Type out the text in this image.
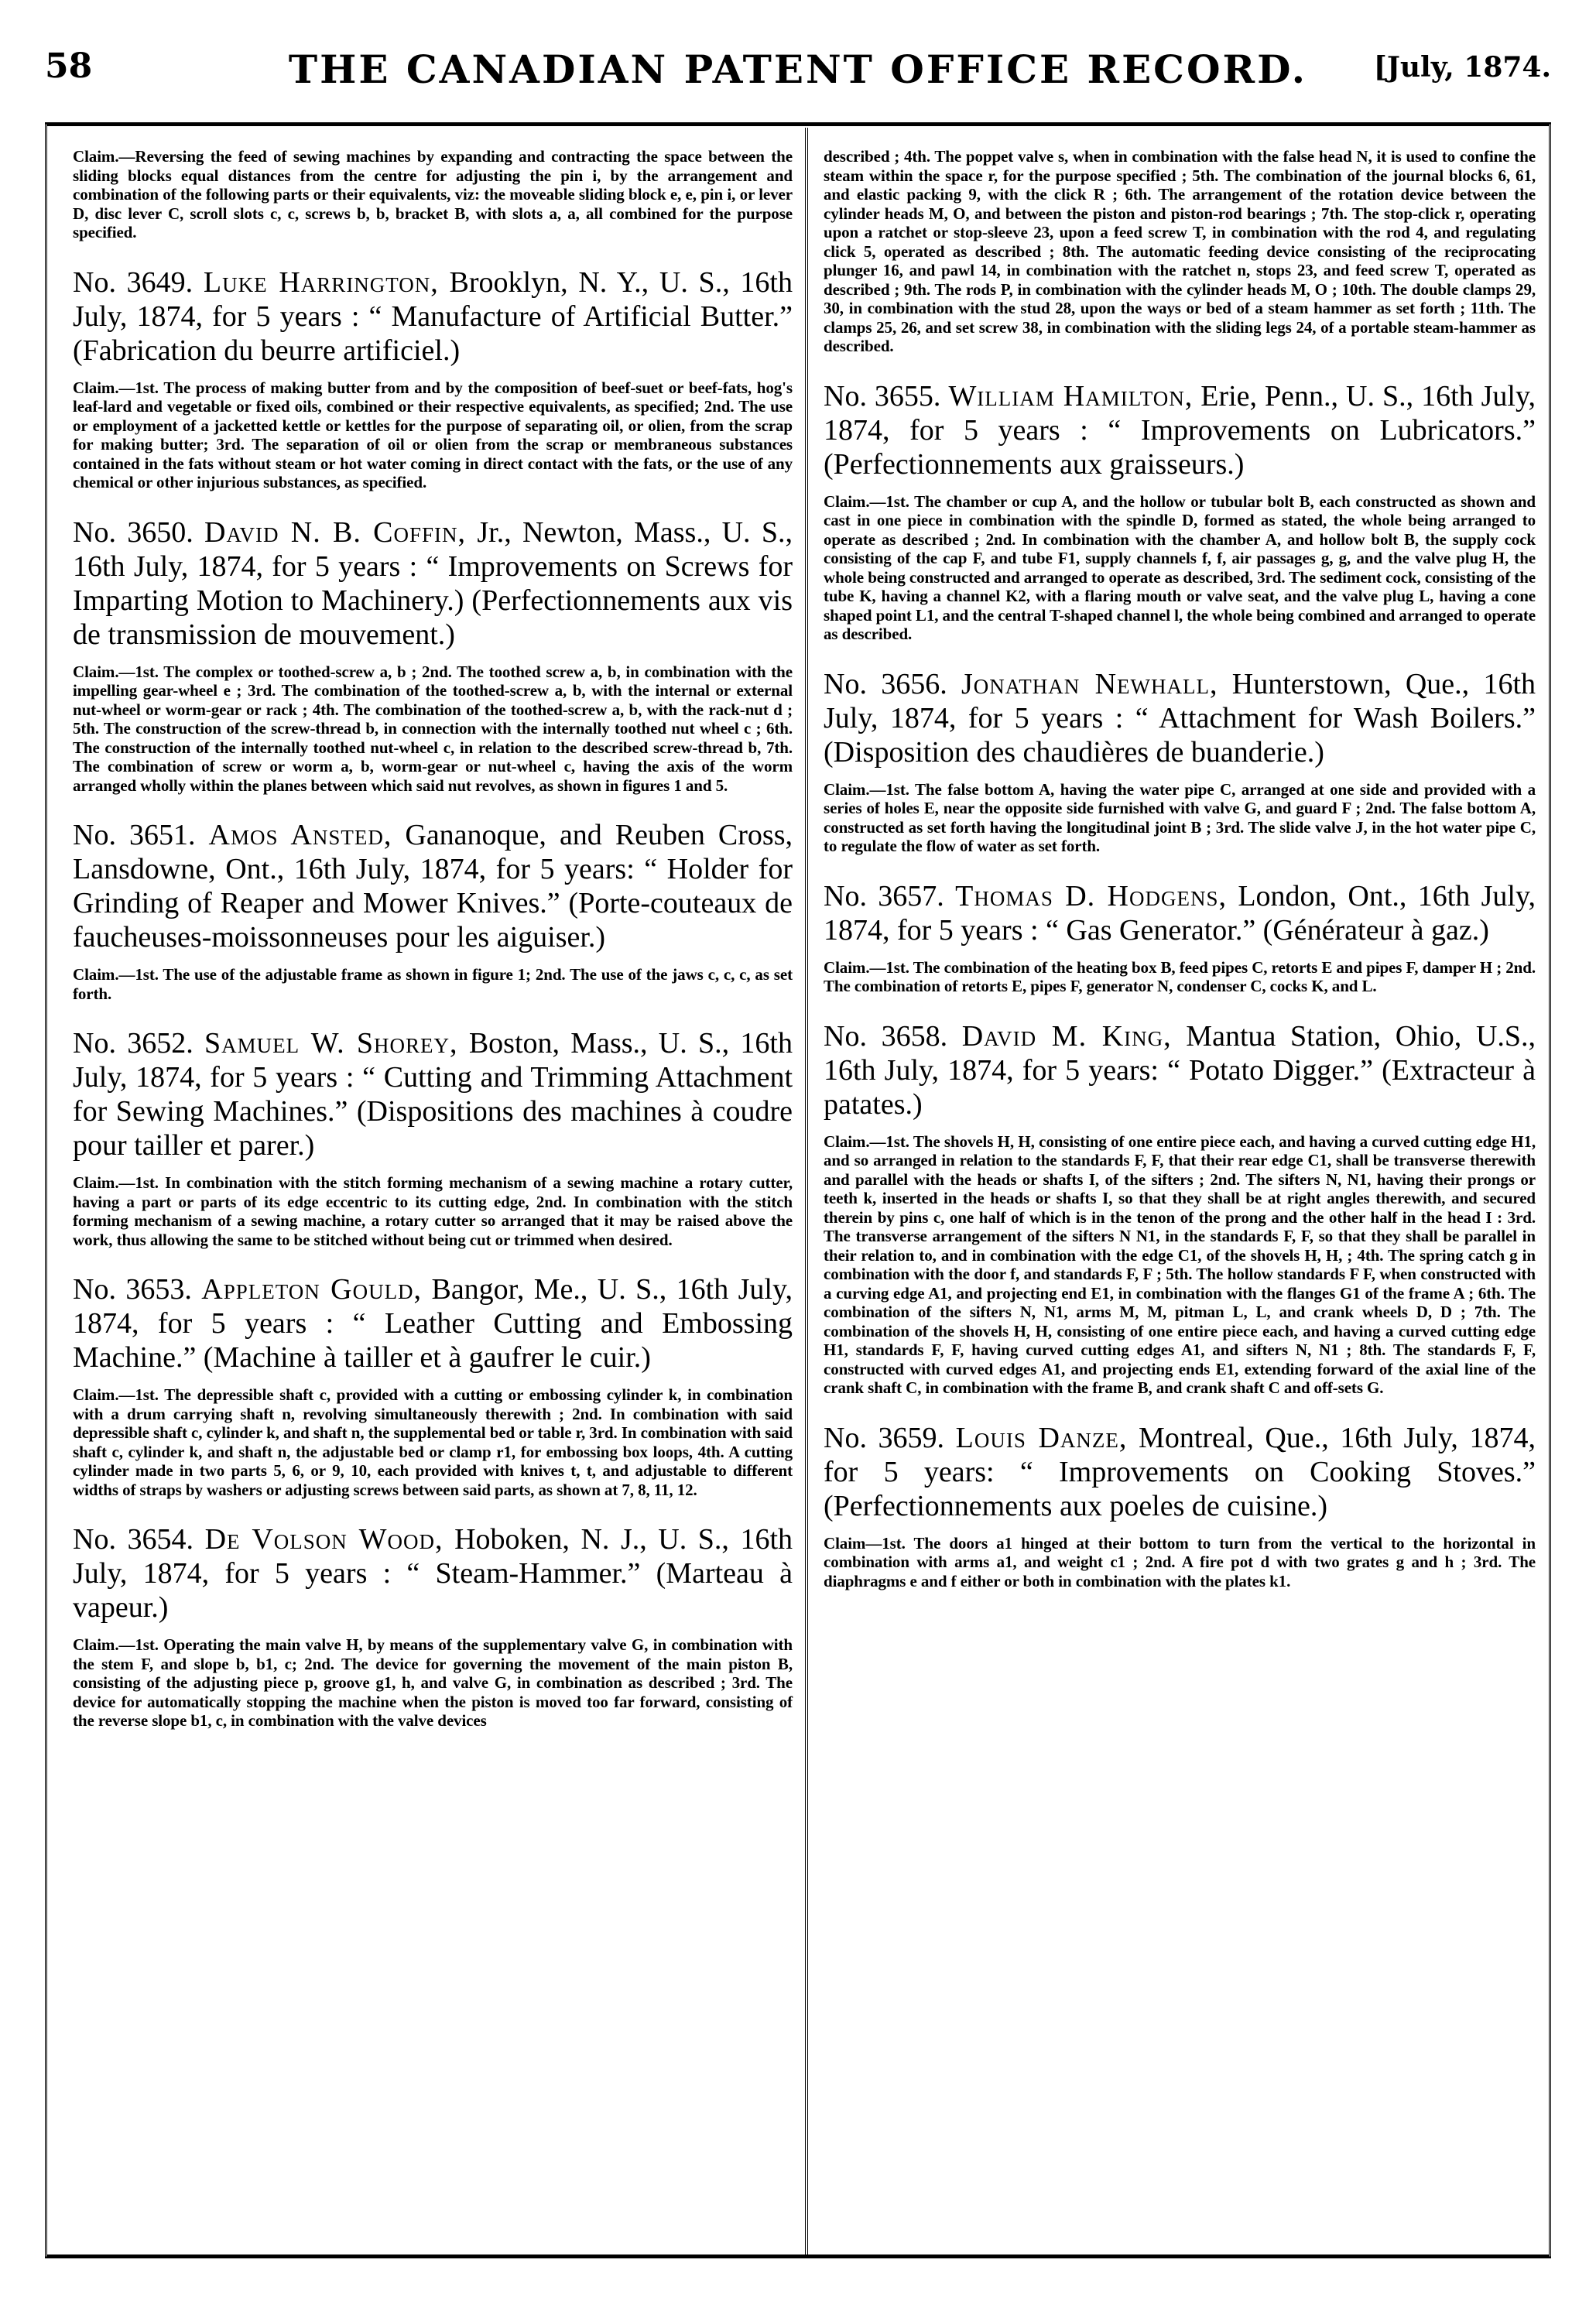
58	THE CANADIAN PATENT OFFICE RECORD.	[July, 1874.

Claim.—Reversing the feed of sewing machines by expanding and contracting the space between the sliding blocks equal distances from the centre for adjusting the pin i, by the arrangement and combination of the following parts or their equivalents, viz: the moveable sliding block e, e, pin i, or lever D, disc lever C, scroll slots c, c, screws b, b, bracket B, with slots a, a, all combined for the purpose specified.

No. 3649. Luke Harrington, Brooklyn, N. Y., U. S., 16th July, 1874, for 5 years : “ Manufacture of Artificial Butter.” (Fabrication du beurre artificiel.)

Claim.—1st. The process of making butter from and by the composition of beef-suet or beef-fats, hog's leaf-lard and vegetable or fixed oils, combined or their respective equivalents, as specified; 2nd. The use or employment of a jacketted kettle or kettles for the purpose of separating oil, or olien, from the scrap for making butter; 3rd. The separation of oil or olien from the scrap or membraneous substances contained in the fats without steam or hot water coming in direct contact with the fats, or the use of any chemical or other injurious substances, as specified.

No. 3650. David N. B. Coffin, Jr., Newton, Mass., U. S., 16th July, 1874, for 5 years : “ Improvements on Screws for Imparting Motion to Machinery.) (Perfectionnements aux vis de transmission de mouvement.)

Claim.—1st. The complex or toothed-screw a, b ; 2nd. The toothed screw a, b, in combination with the impelling gear-wheel e ; 3rd. The combination of the toothed-screw a, b, with the internal or external nut-wheel or worm-gear or rack ; 4th. The combination of the toothed-screw a, b, with the rack-nut d ; 5th. The construction of the screw-thread b, in connection with the internally toothed nut wheel c ; 6th. The construction of the internally toothed nut-wheel c, in relation to the described screw-thread b, 7th. The combination of screw or worm a, b, worm-gear or nut-wheel c, having the axis of the worm arranged wholly within the planes between which said nut revolves, as shown in figures 1 and 5.

No. 3651. Amos Ansted, Gananoque, and Reuben Cross, Lansdowne, Ont., 16th July, 1874, for 5 years: “ Holder for Grinding of Reaper and Mower Knives.” (Porte-couteaux de faucheuses-moissonneuses pour les aiguiser.)

Claim.—1st. The use of the adjustable frame as shown in figure 1; 2nd. The use of the jaws c, c, c, as set forth.

No. 3652. Samuel W. Shorey, Boston, Mass., U. S., 16th July, 1874, for 5 years : “ Cutting and Trimming Attachment for Sewing Machines.” (Dispositions des machines à coudre pour tailler et parer.)

Claim.—1st. In combination with the stitch forming mechanism of a sewing machine a rotary cutter, having a part or parts of its edge eccentric to its cutting edge, 2nd. In combination with the stitch forming mechanism of a sewing machine, a rotary cutter so arranged that it may be raised above the work, thus allowing the same to be stitched without being cut or trimmed when desired.

No. 3653. Appleton Gould, Bangor, Me., U. S., 16th July, 1874, for 5 years : “ Leather Cutting and Embossing Machine.” (Machine à tailler et à gaufrer le cuir.)

Claim.—1st. The depressible shaft c, provided with a cutting or embossing cylinder k, in combination with a drum carrying shaft n, revolving simultaneously therewith ; 2nd. In combination with said depressible shaft c, cylinder k, and shaft n, the supplemental bed or table r, 3rd. In combination with said shaft c, cylinder k, and shaft n, the adjustable bed or clamp r1, for embossing box loops, 4th. A cutting cylinder made in two parts 5, 6, or 9, 10, each provided with knives t, t, and adjustable to different widths of straps by washers or adjusting screws between said parts, as shown at 7, 8, 11, 12.

No. 3654. De Volson Wood, Hoboken, N. J., U. S., 16th July, 1874, for 5 years : “ Steam-Hammer.” (Marteau à vapeur.)

Claim.—1st. Operating the main valve H, by means of the supplementary valve G, in combination with the stem F, and slope b, b1, c; 2nd. The device for governing the movement of the main piston B, consisting of the adjusting piece p, groove g1, h, and valve G, in combination as described ; 3rd. The device for automatically stopping the machine when the piston is moved too far forward, consisting of the reverse slope b1, c, in combination with the valve devices

described ; 4th. The poppet valve s, when in combination with the false head N, it is used to confine the steam within the space r, for the purpose specified ; 5th. The combination of the journal blocks 6, 61, and elastic packing 9, with the click R ; 6th. The arrangement of the rotation device between the cylinder heads M, O, and between the piston and piston-rod bearings ; 7th. The stop-click r, operating upon a ratchet or stop-sleeve 23, upon a feed screw T, in combination with the rod 4, and regulating click 5, operated as described ; 8th. The automatic feeding device consisting of the reciprocating plunger 16, and pawl 14, in combination with the ratchet n, stops 23, and feed screw T, operated as described ; 9th. The rods P, in combination with the cylinder heads M, O ; 10th. The double clamps 29, 30, in combination with the stud 28, upon the ways or bed of a steam hammer as set forth ; 11th. The clamps 25, 26, and set screw 38, in combination with the sliding legs 24, of a portable steam-hammer as described.

No. 3655. William Hamilton, Erie, Penn., U. S., 16th July, 1874, for 5 years : “ Improvements on Lubricators.” (Perfectionnements aux graisseurs.)

Claim.—1st. The chamber or cup A, and the hollow or tubular bolt B, each constructed as shown and cast in one piece in combination with the spindle D, formed as stated, the whole being arranged to operate as described ; 2nd. In combination with the chamber A, and hollow bolt B, the supply cock consisting of the cap F, and tube F1, supply channels f, f, air passages g, g, and the valve plug H, the whole being constructed and arranged to operate as described, 3rd. The sediment cock, consisting of the tube K, having a channel K2, with a flaring mouth or valve seat, and the valve plug L, having a cone shaped point L1, and the central T-shaped channel l, the whole being combined and arranged to operate as described.

No. 3656. Jonathan Newhall, Hunterstown, Que., 16th July, 1874, for 5 years : “ Attachment for Wash Boilers.” (Disposition des chaudières de buanderie.)

Claim.—1st. The false bottom A, having the water pipe C, arranged at one side and provided with a series of holes E, near the opposite side furnished with valve G, and guard F ; 2nd. The false bottom A, constructed as set forth having the longitudinal joint B ; 3rd. The slide valve J, in the hot water pipe C, to regulate the flow of water as set forth.

No. 3657. Thomas D. Hodgens, London, Ont., 16th July, 1874, for 5 years : “ Gas Generator.” (Générateur à gaz.)

Claim.—1st. The combination of the heating box B, feed pipes C, retorts E and pipes F, damper H ; 2nd. The combination of retorts E, pipes F, generator N, condenser C, cocks K, and L.

No. 3658. David M. King, Mantua Station, Ohio, U.S., 16th July, 1874, for 5 years: “ Potato Digger.” (Extracteur à patates.)

Claim.—1st. The shovels H, H, consisting of one entire piece each, and having a curved cutting edge H1, and so arranged in relation to the standards F, F, that their rear edge C1, shall be transverse therewith and parallel with the heads or shafts I, of the sifters ; 2nd. The sifters N, N1, having their prongs or teeth k, inserted in the heads or shafts I, so that they shall be at right angles therewith, and secured therein by pins c, one half of which is in the tenon of the prong and the other half in the head I : 3rd. The transverse arrangement of the sifters N N1, in the standards F, F, so that they shall be parallel in their relation to, and in combination with the edge C1, of the shovels H, H, ; 4th. The spring catch g in combination with the door f, and standards F, F ; 5th. The hollow standards F F, when constructed with a curving edge A1, and projecting end E1, in combination with the flanges G1 of the frame A ; 6th. The combination of the sifters N, N1, arms M, M, pitman L, L, and crank wheels D, D ; 7th. The combination of the shovels H, H, consisting of one entire piece each, and having a curved cutting edge H1, standards F, F, having curved cutting edges A1, and sifters N, N1 ; 8th. The standards F, F, constructed with curved edges A1, and projecting ends E1, extending forward of the axial line of the crank shaft C, in combination with the frame B, and crank shaft C and off-sets G.

No. 3659. Louis Danze, Montreal, Que., 16th July, 1874, for 5 years: “ Improvements on Cooking Stoves.” (Perfectionnements aux poeles de cuisine.)

Claim—1st. The doors a1 hinged at their bottom to turn from the vertical to the horizontal in combination with arms a1, and weight c1 ; 2nd. A fire pot d with two grates g and h ; 3rd. The diaphragms e and f either or both in combination with the plates k1.
